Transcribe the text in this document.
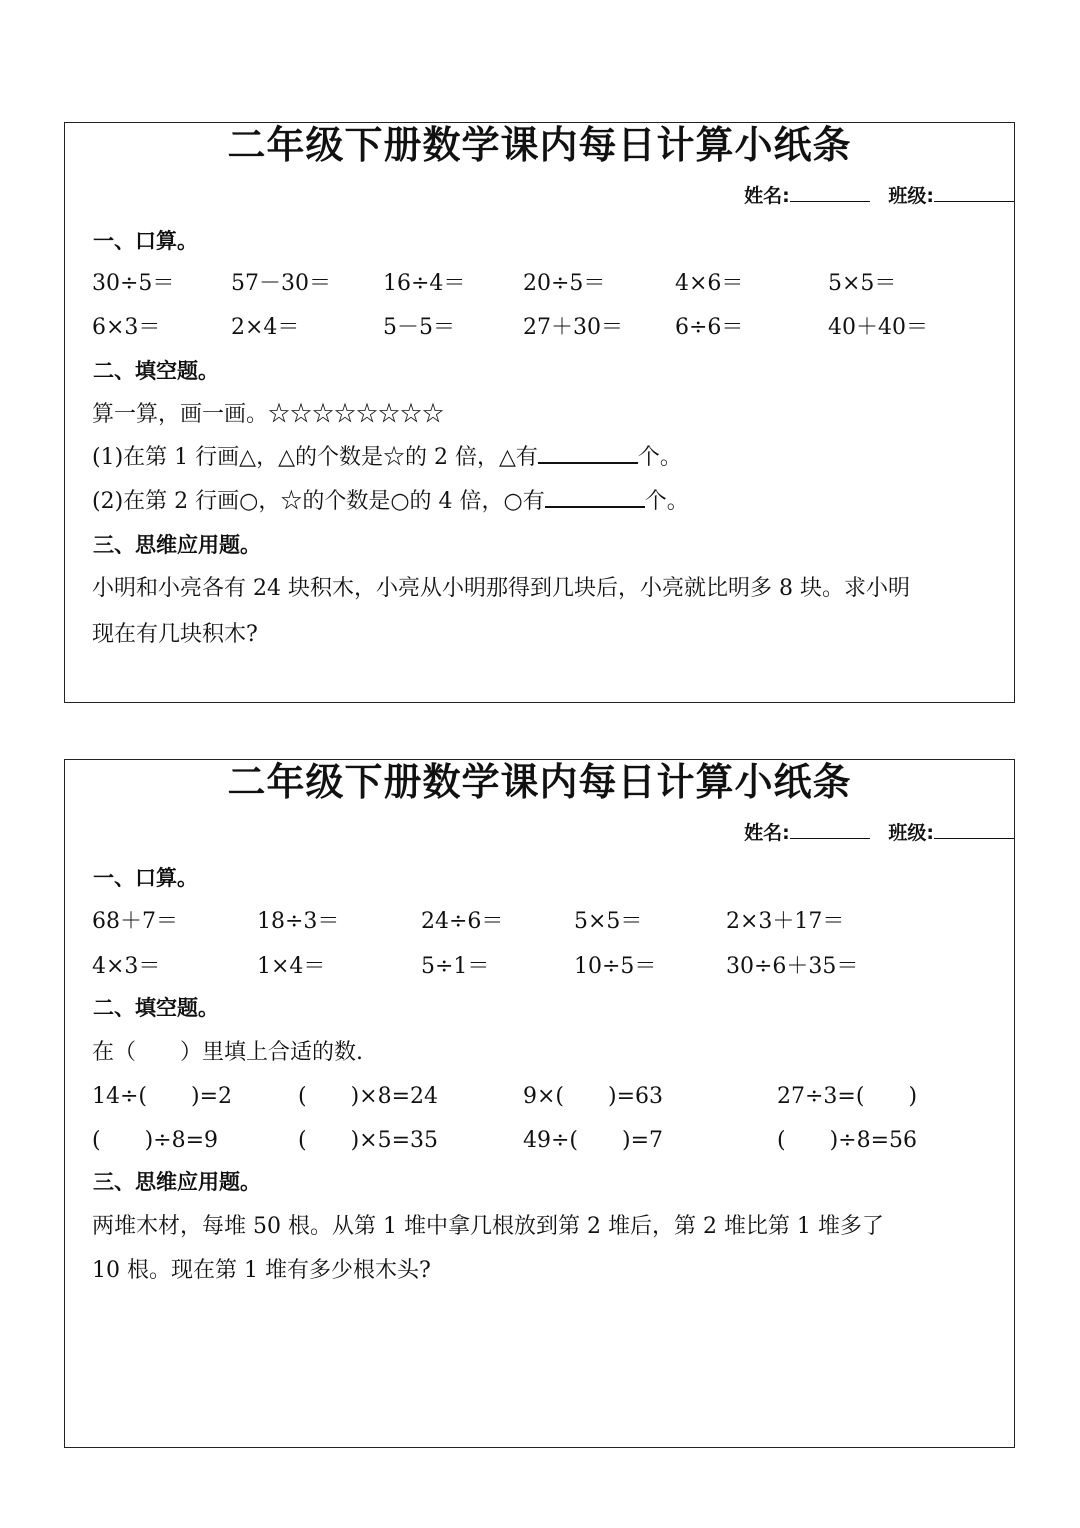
二年级下册数学课内每日计算小纸条
姓名:	班级:
一、口算。
30÷5＝	57－30＝ 16÷4＝	20÷5＝	4×6＝	5×5＝
6×3＝	2×4＝	5－5＝	27＋30＝ 6÷6＝	40＋40＝
二、填空题。
算一算，画一画。☆☆☆☆☆☆☆☆
(1)在第 1 行画△，△的个数是☆的 2 倍，△有	个。
(2)在第 2 行画○，☆的个数是○的 4 倍，○有	个。
三、思维应用题。
小明和小亮各有 24 块积木，小亮从小明那得到几块后，小亮就比明多 8 块。求小明
现在有几块积木?
二年级下册数学课内每日计算小纸条
姓名:	班级:
一、口算。
68＋7＝	18÷3＝	24÷6＝	5×5＝	2×3＋17＝
4×3＝	1×4＝	5÷1＝	10÷5＝	30÷6＋35＝
二、填空题。
在（　　）里填上合适的数.
14÷(　　)=2	(　　)×8=24	9×(　　)=63	27÷3=(　　)
(　　)÷8=9	(　　)×5=35	49÷(　　)=7	(　　)÷8=56
三、思维应用题。
两堆木材，每堆 50 根。从第 1 堆中拿几根放到第 2 堆后，第 2 堆比第 1 堆多了
10 根。现在第 1 堆有多少根木头?
